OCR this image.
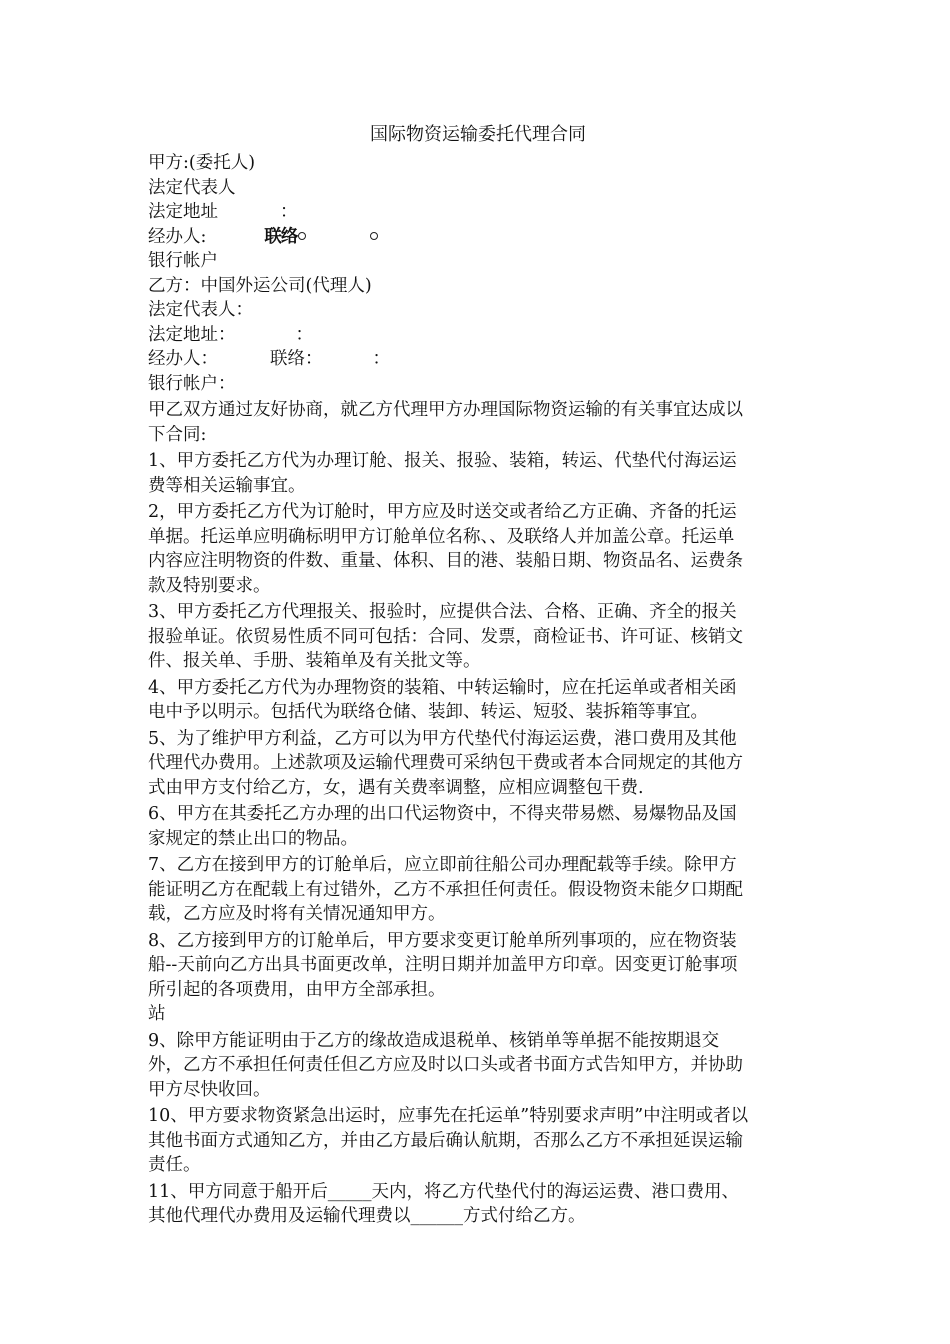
国际物资运输委托代理合同
甲方:(委托人)
法定代表人
法定地址	：
经办人:	联络
银行帐户
乙方：中国外运公司(代理人)
法定代表人：
法定地址：	：
经办人：	联络：	：
银行帐户：
甲乙双方通过友好协商，就乙方代理甲方办理国际物资运输的有关事宜达成以
下合同:
1、甲方委托乙方代为办理订舱、报关、报验、装箱，转运、代垫代付海运运
费等相关运输事宜。
2，甲方委托乙方代为订舱时，甲方应及时送交或者给乙方正确、齐备的托运
单据。托运单应明确标明甲方订舱单位名称、、及联络人并加盖公章。托运单
内容应注明物资的件数、重量、体积、目的港、装船日期、物资品名、运费条
款及特别要求。
3、甲方委托乙方代理报关、报验时，应提供合法、合格、正确、齐全的报关
报验单证。依贸易性质不同可包括：合同、发票，商检证书、许可证、核销文
件、报关单、手册、装箱单及有关批文等。
4、甲方委托乙方代为办理物资的装箱、中转运输时，应在托运单或者相关函
电中予以明示。包括代为联络仓储、装卸、转运、短驳、装拆箱等事宜。
5、为了维护甲方利益，乙方可以为甲方代垫代付海运运费，港口费用及其他
代理代办费用。上述款项及运输代理费可采纳包干费或者本合同规定的其他方
式由甲方支付给乙方，女，遇有关费率调整，应相应调整包干费.
6、甲方在其委托乙方办理的出口代运物资中，不得夹带易燃、易爆物品及国
家规定的禁止出口的物品。
7、乙方在接到甲方的订舱单后，应立即前往船公司办理配载等手续。除甲方
能证明乙方在配载上有过错外，乙方不承担任何责任。假设物资未能夕口期配
载，乙方应及时将有关情况通知甲方。
8、乙方接到甲方的订舱单后，甲方要求变更订舱单所列事项的，应在物资装
船--天前向乙方出具书面更改单，注明日期并加盖甲方印章。因变更订舱事项
所引起的各项费用，由甲方全部承担。
站
9、除甲方能证明由于乙方的缘故造成退税单、核销单等单据不能按期退交
外，乙方不承担任何责任但乙方应及时以口头或者书面方式告知甲方，并协助
甲方尽快收回。
10、甲方要求物资紧急出运时，应事先在托运单”特别要求声明”中注明或者以
其他书面方式通知乙方，并由乙方最后确认航期，否那么乙方不承担延误运输
责任。
11、甲方同意于船开后_____天内，将乙方代垫代付的海运运费、港口费用、
其他代理代办费用及运输代理费以______方式付给乙方。
